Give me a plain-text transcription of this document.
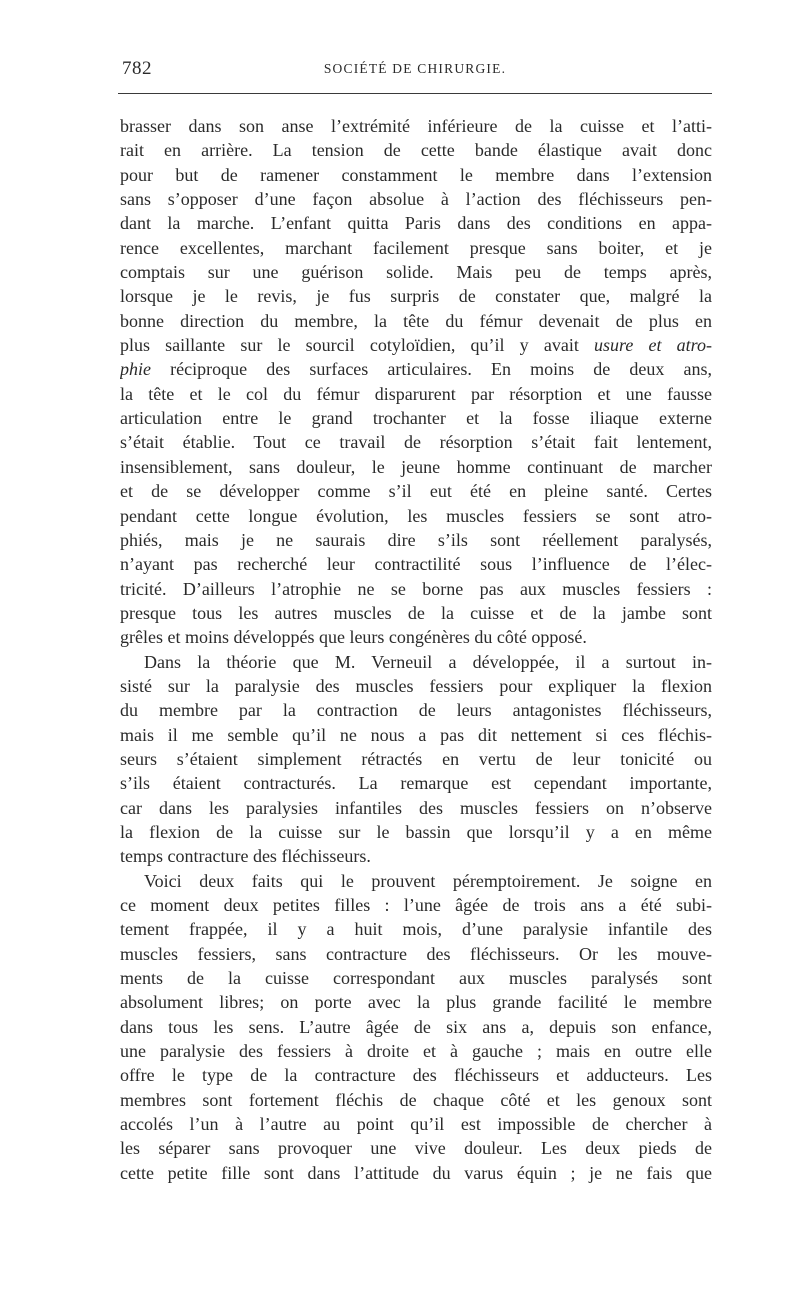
782	SOCIÉTÉ DE CHIRURGIE.
brasser dans son anse l’extrémité inférieure de la cuisse et l’atti-
rait en arrière. La tension de cette bande élastique avait donc
pour but de ramener constamment le membre dans l’extension
sans s’opposer d’une façon absolue à l’action des fléchisseurs pen-
dant la marche. L’enfant quitta Paris dans des conditions en appa-
rence excellentes, marchant facilement presque sans boiter, et je
comptais sur une guérison solide. Mais peu de temps après,
lorsque je le revis, je fus surpris de constater que, malgré la
bonne direction du membre, la tête du fémur devenait de plus en
plus saillante sur le sourcil cotyloïdien, qu’il y avait usure et atro-
phie réciproque des surfaces articulaires. En moins de deux ans,
la tête et le col du fémur disparurent par résorption et une fausse
articulation entre le grand trochanter et la fosse iliaque externe
s’était établie. Tout ce travail de résorption s’était fait lentement,
insensiblement, sans douleur, le jeune homme continuant de marcher
et de se développer comme s’il eut été en pleine santé. Certes
pendant cette longue évolution, les muscles fessiers se sont atro-
phiés, mais je ne saurais dire s’ils sont réellement paralysés,
n’ayant pas recherché leur contractilité sous l’influence de l’élec-
tricité. D’ailleurs l’atrophie ne se borne pas aux muscles fessiers :
presque tous les autres muscles de la cuisse et de la jambe sont
grêles et moins développés que leurs congénères du côté opposé.
Dans la théorie que M. Verneuil a développée, il a surtout in-
sisté sur la paralysie des muscles fessiers pour expliquer la flexion
du membre par la contraction de leurs antagonistes fléchisseurs,
mais il me semble qu’il ne nous a pas dit nettement si ces fléchis-
seurs s’étaient simplement rétractés en vertu de leur tonicité ou
s’ils étaient contracturés. La remarque est cependant importante,
car dans les paralysies infantiles des muscles fessiers on n’observe
la flexion de la cuisse sur le bassin que lorsqu’il y a en même
temps contracture des fléchisseurs.
Voici deux faits qui le prouvent péremptoirement. Je soigne en
ce moment deux petites filles : l’une âgée de trois ans a été subi-
tement frappée, il y a huit mois, d’une paralysie infantile des
muscles fessiers, sans contracture des fléchisseurs. Or les mouve-
ments de la cuisse correspondant aux muscles paralysés sont
absolument libres; on porte avec la plus grande facilité le membre
dans tous les sens. L’autre âgée de six ans a, depuis son enfance,
une paralysie des fessiers à droite et à gauche ; mais en outre elle
offre le type de la contracture des fléchisseurs et adducteurs. Les
membres sont fortement fléchis de chaque côté et les genoux sont
accolés l’un à l’autre au point qu’il est impossible de chercher à
les séparer sans provoquer une vive douleur. Les deux pieds de
cette petite fille sont dans l’attitude du varus équin ; je ne fais que
